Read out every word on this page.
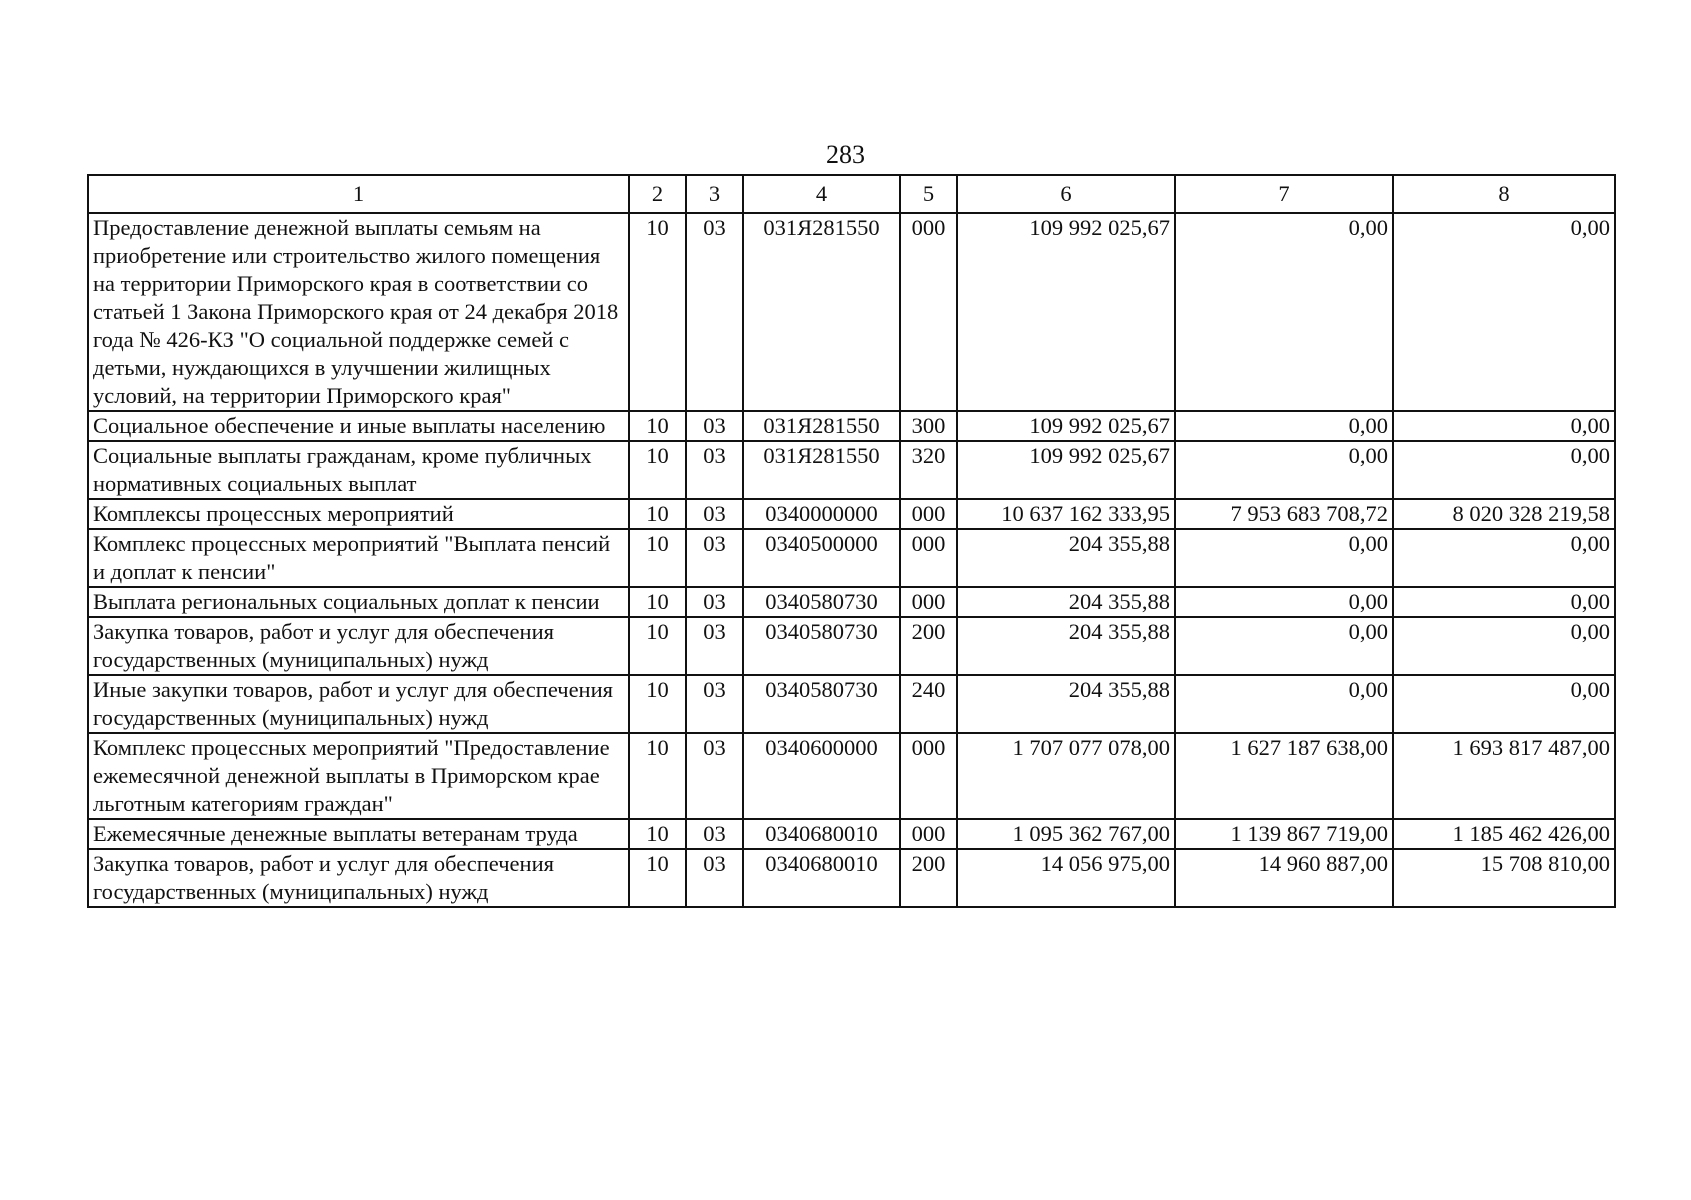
283
1	2	3	4	5	6	7	8
Предоставление денежной выплаты семьям на приобретение или строительство жилого помещения на территории Приморского края в соответствии со статьей 1 Закона Приморского края от 24 декабря 2018 года № 426-КЗ "О социальной поддержке семей с детьми, нуждающихся в улучшении жилищных условий, на территории Приморского края"	10	03	031Я281550	000	109 992 025,67	0,00	0,00
Социальное обеспечение и иные выплаты населению	10	03	031Я281550	300	109 992 025,67	0,00	0,00
Социальные выплаты гражданам, кроме публичных нормативных социальных выплат	10	03	031Я281550	320	109 992 025,67	0,00	0,00
Комплексы процессных мероприятий	10	03	0340000000	000	10 637 162 333,95	7 953 683 708,72	8 020 328 219,58
Комплекс процессных мероприятий "Выплата пенсий и доплат к пенсии"	10	03	0340500000	000	204 355,88	0,00	0,00
Выплата региональных социальных доплат к пенсии	10	03	0340580730	000	204 355,88	0,00	0,00
Закупка товаров, работ и услуг для обеспечения государственных (муниципальных) нужд	10	03	0340580730	200	204 355,88	0,00	0,00
Иные закупки товаров, работ и услуг для обеспечения государственных (муниципальных) нужд	10	03	0340580730	240	204 355,88	0,00	0,00
Комплекс процессных мероприятий "Предоставление ежемесячной денежной выплаты в Приморском крае льготным категориям граждан"	10	03	0340600000	000	1 707 077 078,00	1 627 187 638,00	1 693 817 487,00
Ежемесячные денежные выплаты ветеранам труда	10	03	0340680010	000	1 095 362 767,00	1 139 867 719,00	1 185 462 426,00
Закупка товаров, работ и услуг для обеспечения государственных (муниципальных) нужд	10	03	0340680010	200	14 056 975,00	14 960 887,00	15 708 810,00
